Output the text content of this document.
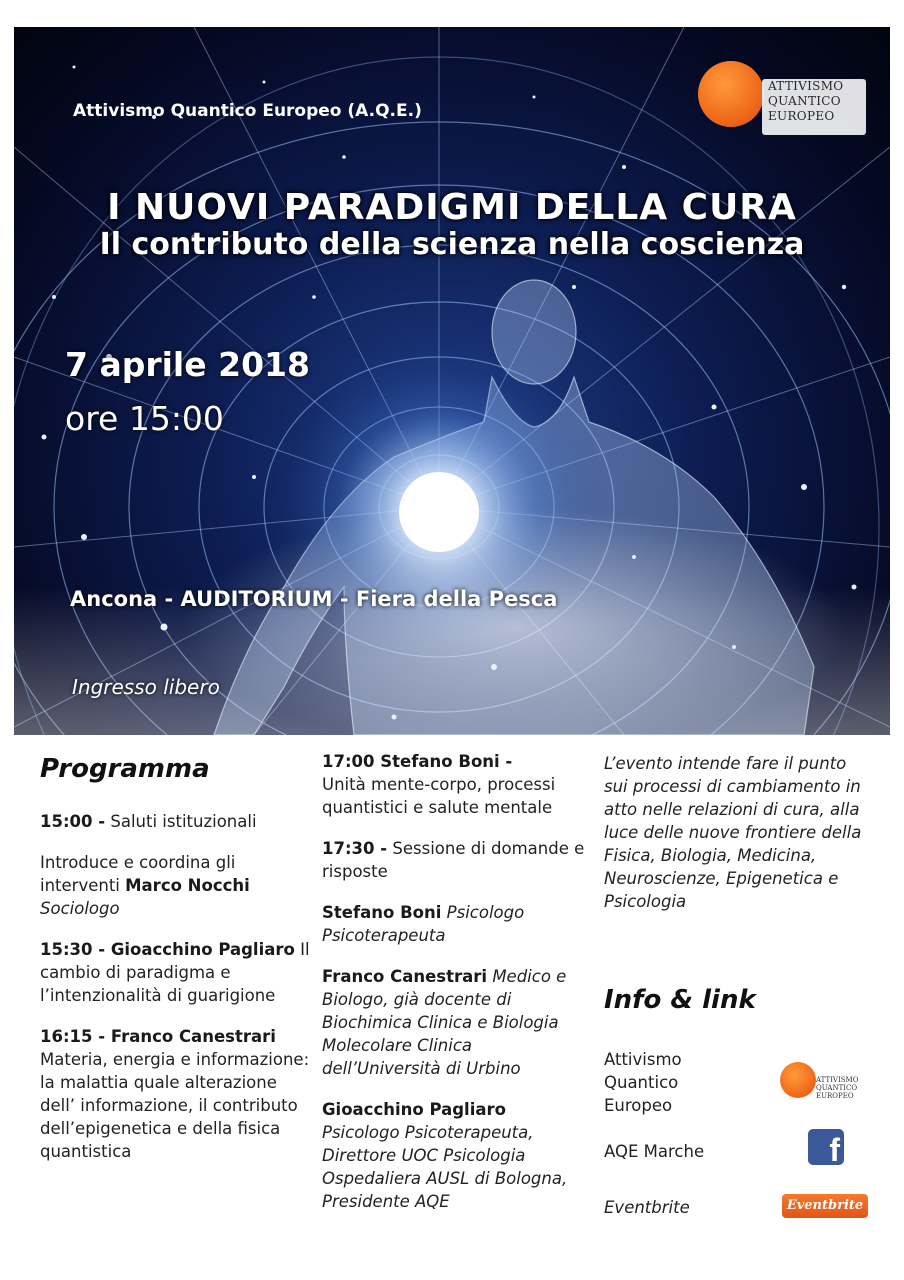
Attivismo Quantico Europeo (A.Q.E.)
I NUOVI PARADIGMI DELLA CURA
Il contributo della scienza nella coscienza
7 aprile 2018
ore 15:00
Ancona - AUDITORIUM - Fiera della Pesca
Ingresso libero
ATTIVISMO
QUANTICO
EUROPEO
Programma

15:00 - Saluti istituzionali

Introduce e coordina gli interventi Marco Nocchi
Sociologo

15:30 - Gioacchino Pagliaro Il cambio di paradigma e l’intenzionalità di guarigione

16:15 - Franco Canestrari Materia, energia e informazione: la malattia quale alterazione dell’ informazione, il contributo dell’epigenetica e della fisica quantistica

17:00 Stefano Boni -
Unità mente-corpo, processi quantistici e salute mentale

17:30 - Sessione di domande e risposte

Stefano Boni Psicologo Psicoterapeuta

Franco Canestrari Medico e Biologo, già docente di Biochimica Clinica e Biologia Molecolare Clinica dell’Università di Urbino

Gioacchino Pagliaro
Psicologo Psicoterapeuta, Direttore UOC Psicologia Ospedaliera AUSL di Bologna, Presidente AQE

L’evento intende fare il punto sui processi di cambiamento in atto nelle relazioni di cura, alla luce delle nuove frontiere della Fisica, Biologia, Medicina, Neuroscienze, Epigenetica e Psicologia

Info & link
Attivismo Quantico Europeo
ATTIVISMO
QUANTICO
EUROPEO
AQE Marche	f
Eventbrite	Eventbrite
